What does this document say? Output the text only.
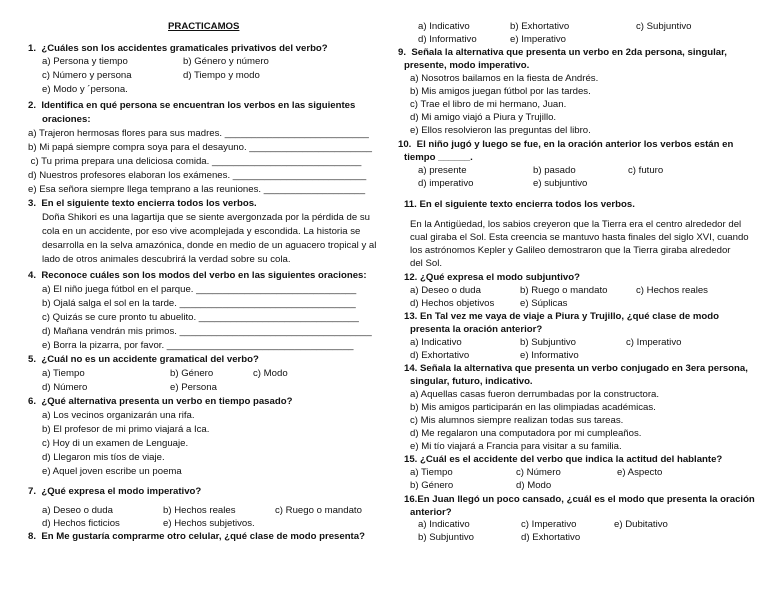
PRACTICAMOS
1.  ¿Cuáles son los accidentes gramaticales privativos del verbo?
a) Persona y tiempo	b) Género y número
c) Número y persona	d) Tiempo y modo
e) Modo y ´persona.
2.  Identifica en qué persona se encuentran los verbos en las siguientes
oraciones:
a) Trajeron hermosas flores para sus madres. ___________________________
b) Mi papá siempre compra soya para el desayuno. _______________________
c) Tu prima prepara una deliciosa comida. ____________________________
d) Nuestros profesores elaboran los exámenes. _________________________
e) Esa señora siempre llega temprano a las reuniones. ___________________
3.  En el siguiente texto encierra todos los verbos.
Doña Shikori es una lagartija que se siente avergonzada por la pérdida de su
cola en un accidente, por eso vive acomplejada y escondida. La historia se
desarrolla en la selva amazónica, donde en medio de un aguacero tropical y al
lado de otros animales descubrirá la verdad sobre su cola.
4.  Reconoce cuáles son los modos del verbo en las siguientes oraciones:
a) El niño juega fútbol en el parque. ______________________________
b) Ojalá salga el sol en la tarde. _________________________________
c) Quizás se cure pronto tu abuelito. ______________________________
d) Mañana vendrán mis primos. ____________________________________
e) Borra la pizarra, por favor. ___________________________________
5.  ¿Cuál no es un accidente gramatical del verbo?
a) Tiempo	b) Género	c) Modo
d) Número	e) Persona
6.  ¿Qué alternativa presenta un verbo en tiempo pasado?
a) Los vecinos organizarán una rifa.
b) El profesor de mi primo viajará a Ica.
c) Hoy di un examen de Lenguaje.
d) Llegaron mis tíos de viaje.
e) Aquel joven escribe un poema
7.  ¿Qué expresa el modo imperativo?
a) Deseo o duda	b) Hechos reales	c) Ruego o mandato
d) Hechos ficticios	e) Hechos subjetivos.
8.  En Me gustaría comprarme otro celular, ¿qué clase de modo presenta?
a) Indicativo	b) Exhortativo	c) Subjuntivo
d) Informativo	e) Imperativo
9.  Señala la alternativa que presenta un verbo en 2da persona, singular,
presente, modo imperativo.
a) Nosotros bailamos en la fiesta de Andrés.
b) Mis amigos juegan fútbol por las tardes.
c) Trae el libro de mi hermano, Juan.
d) Mi amigo viajó a Piura y Trujillo.
e) Ellos resolvieron las preguntas del libro.
10.  El niño jugó y luego se fue, en la oración anterior los verbos están en
tiempo ______.
a) presente	b) pasado	c) futuro
d) imperativo	e) subjuntivo
11. En el siguiente texto encierra todos los verbos.
En la Antigüedad, los sabios creyeron que la Tierra era el centro alrededor del
cual giraba el Sol. Esta creencia se mantuvo hasta finales del siglo XVI, cuando
los astrónomos Kepler y Galileo demostraron que la Tierra giraba alrededor
del Sol.
12. ¿Qué expresa el modo subjuntivo?
a) Deseo o duda	b) Ruego o mandato	c) Hechos reales
d) Hechos objetivos	e) Súplicas
13. En Tal vez me vaya de viaje a Piura y Trujillo, ¿qué clase de modo
presenta la oración anterior?
a) Indicativo	b) Subjuntivo	c) Imperativo
d) Exhortativo	e) Informativo
14. Señala la alternativa que presenta un verbo conjugado en 3era persona,
singular, futuro, indicativo.
a) Aquellas casas fueron derrumbadas por la constructora.
b) Mis amigos participarán en las olimpiadas académicas.
c) Mis alumnos siempre realizan todas sus tareas.
d) Me regalaron una computadora por mi cumpleaños.
e) Mi tío viajará a Francia para visitar a su familia.
15. ¿Cuál es el accidente del verbo que indica la actitud del hablante?
a) Tiempo	c) Número	e) Aspecto
b) Género	d) Modo
16.En Juan llegó un poco cansado, ¿cuál es el modo que presenta la oración
anterior?
a) Indicativo	c) Imperativo	e) Dubitativo
b) Subjuntivo	d) Exhortativo
